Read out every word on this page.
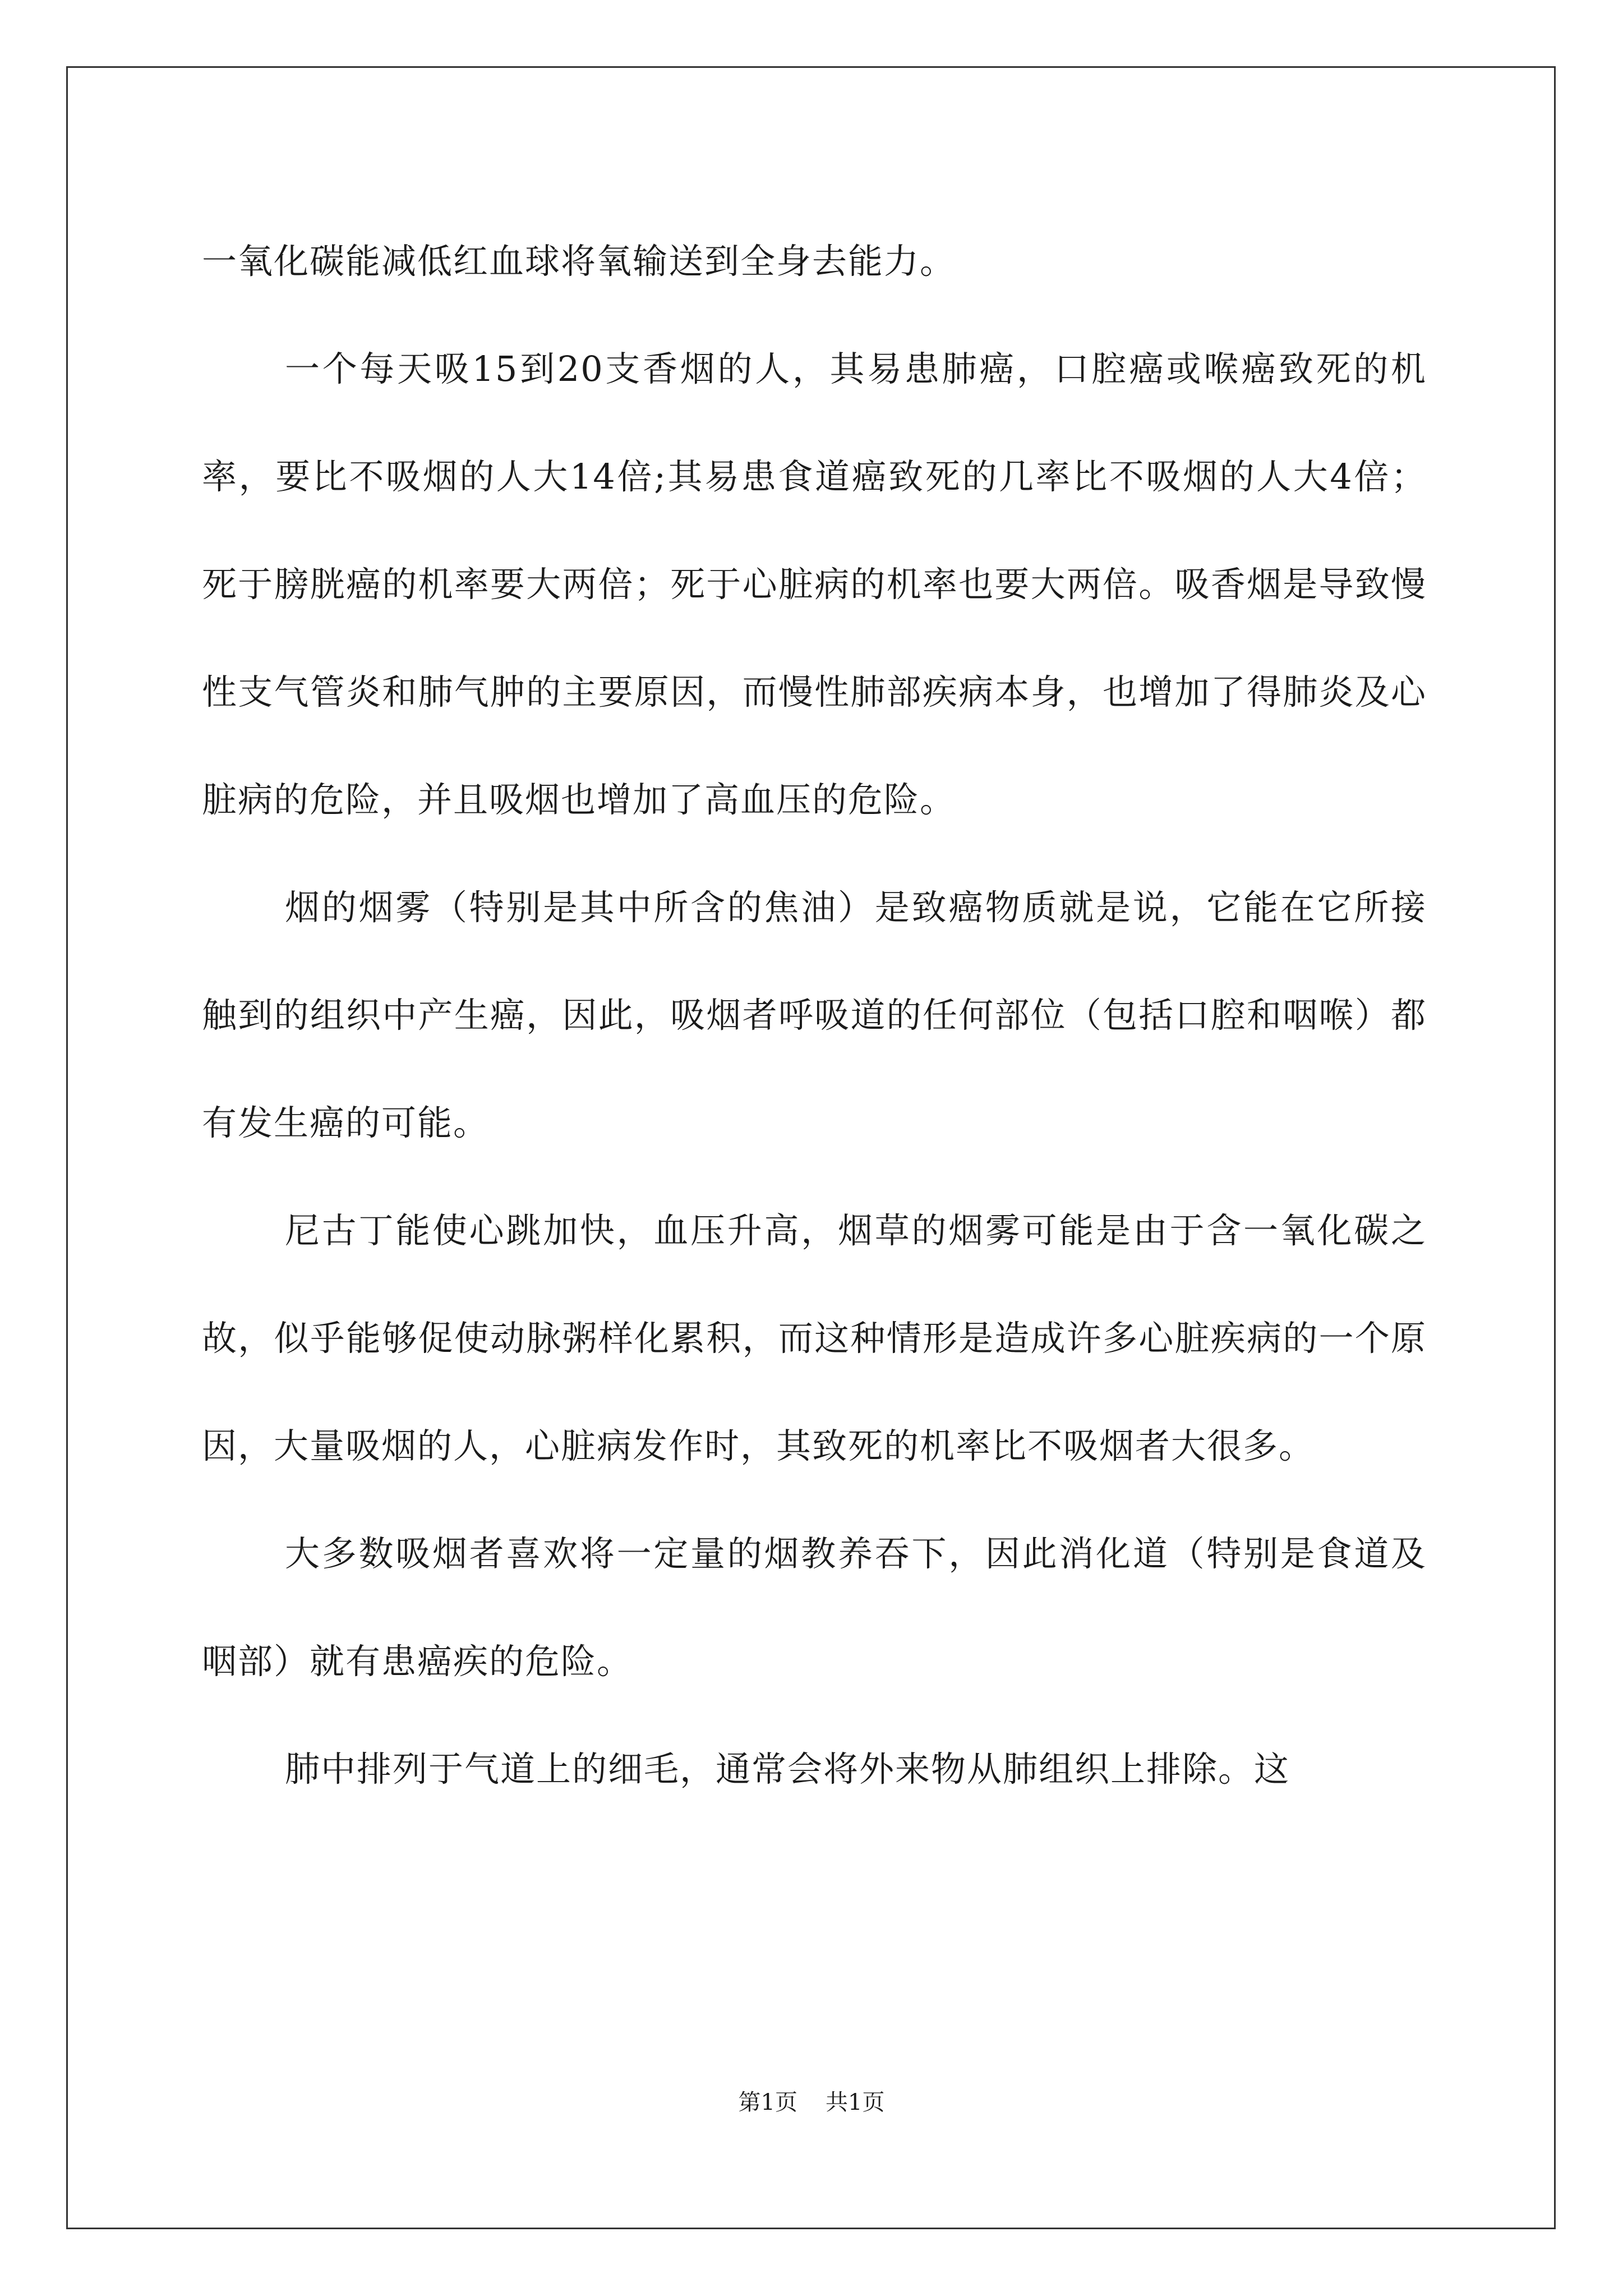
一氧化碳能减低红血球将氧输送到全身去能力。

一个每天吸15到20支香烟的人，其易患肺癌，口腔癌或喉癌致死的机率，要比不吸烟的人大14倍;其易患食道癌致死的几率比不吸烟的人大4倍；死于膀胱癌的机率要大两倍；死于心脏病的机率也要大两倍。吸香烟是导致慢性支气管炎和肺气肿的主要原因，而慢性肺部疾病本身，也增加了得肺炎及心脏病的危险，并且吸烟也增加了高血压的危险。

烟的烟雾（特别是其中所含的焦油）是致癌物质就是说，它能在它所接触到的组织中产生癌，因此，吸烟者呼吸道的任何部位（包括口腔和咽喉）都有发生癌的可能。

尼古丁能使心跳加快，血压升高，烟草的烟雾可能是由于含一氧化碳之故，似乎能够促使动脉粥样化累积，而这种情形是造成许多心脏疾病的一个原因，大量吸烟的人，心脏病发作时，其致死的机率比不吸烟者大很多。

大多数吸烟者喜欢将一定量的烟教养吞下，因此消化道（特别是食道及咽部）就有患癌疾的危险。

肺中排列于气道上的细毛，通常会将外来物从肺组织上排除。这

第1页 共1页
